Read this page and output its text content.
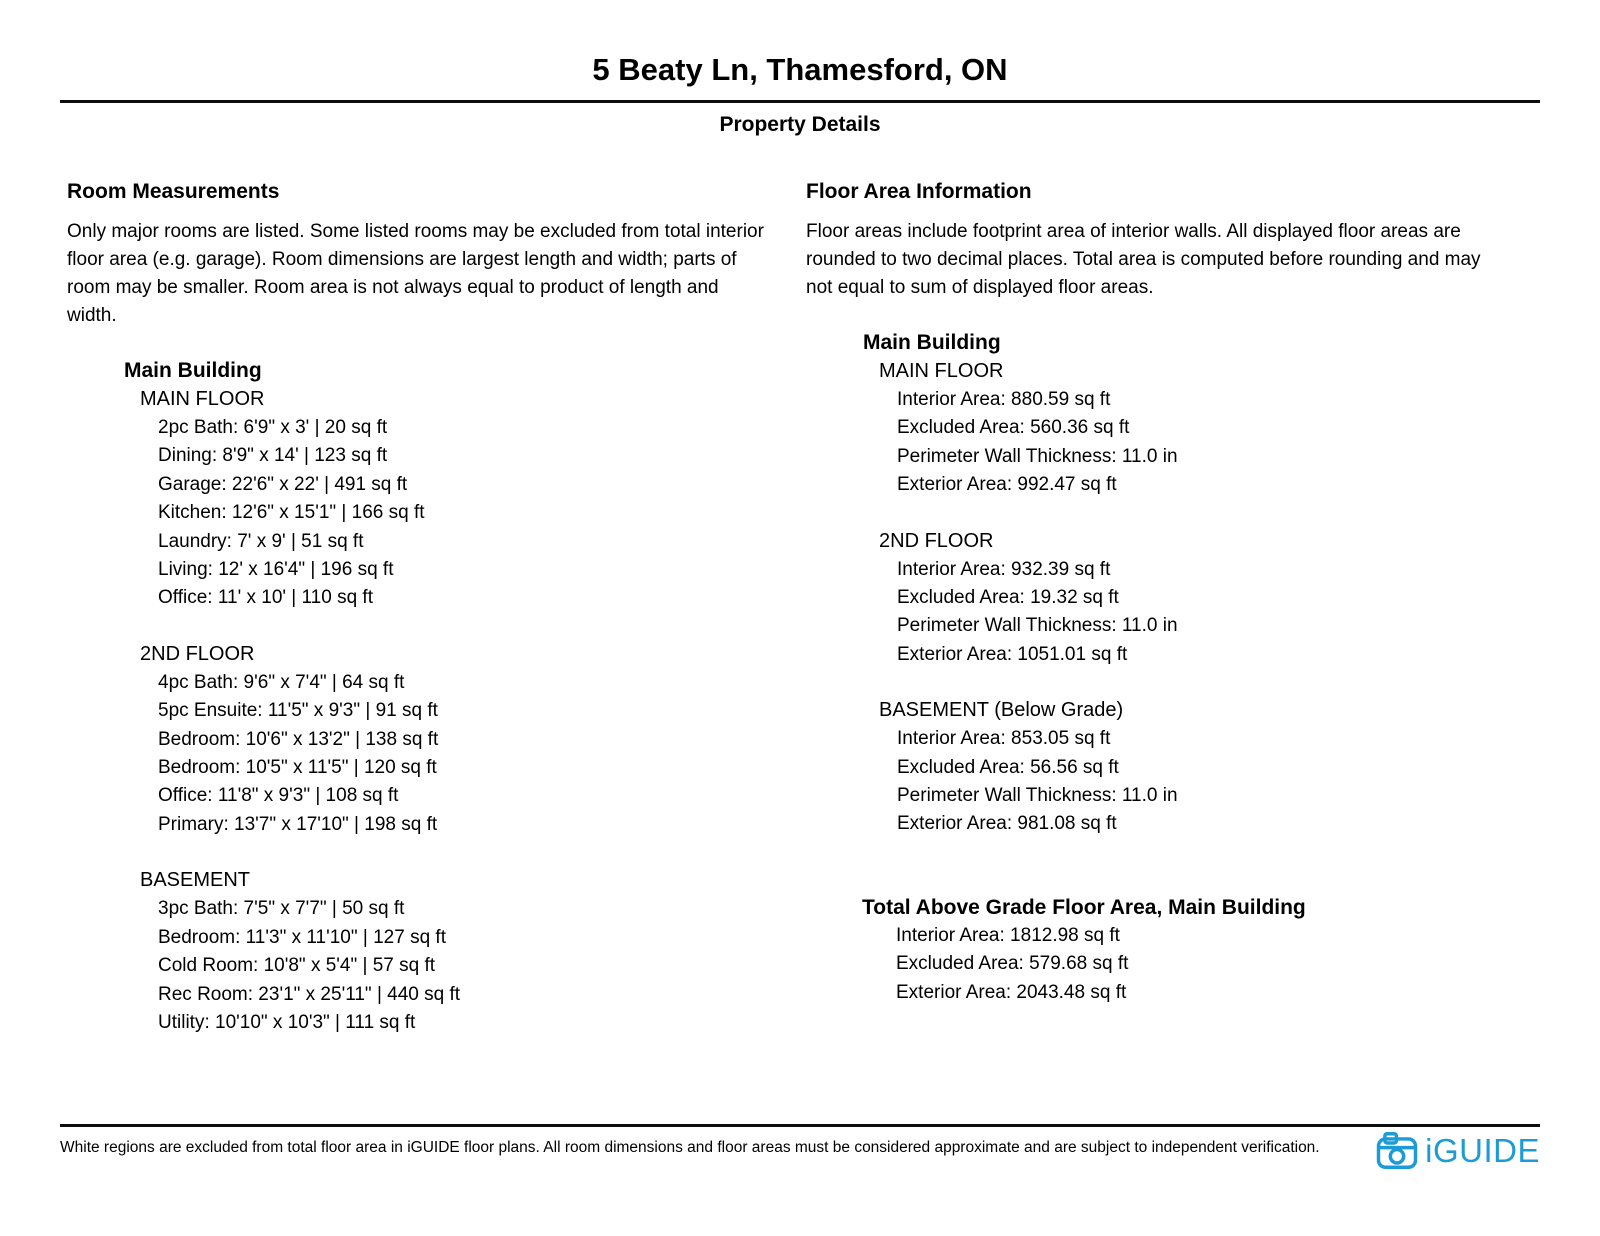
5 Beaty Ln, Thamesford, ON
Property Details
Room Measurements

Only major rooms are listed. Some listed rooms may be excluded from total interior floor area (e.g. garage). Room dimensions are largest length and width; parts of room may be smaller. Room area is not always equal to product of length and width.

Main Building
MAIN FLOOR
2pc Bath: 6'9" x 3' | 20 sq ft
Dining: 8'9" x 14' | 123 sq ft
Garage: 22'6" x 22' | 491 sq ft
Kitchen: 12'6" x 15'1" | 166 sq ft
Laundry: 7' x 9' | 51 sq ft
Living: 12' x 16'4" | 196 sq ft
Office: 11' x 10' | 110 sq ft
2ND FLOOR
4pc Bath: 9'6" x 7'4" | 64 sq ft
5pc Ensuite: 11'5" x 9'3" | 91 sq ft
Bedroom: 10'6" x 13'2" | 138 sq ft
Bedroom: 10'5" x 11'5" | 120 sq ft
Office: 11'8" x 9'3" | 108 sq ft
Primary: 13'7" x 17'10" | 198 sq ft
BASEMENT
3pc Bath: 7'5" x 7'7" | 50 sq ft
Bedroom: 11'3" x 11'10" | 127 sq ft
Cold Room: 10'8" x 5'4" | 57 sq ft
Rec Room: 23'1" x 25'11" | 440 sq ft
Utility: 10'10" x 10'3" | 111 sq ft
Floor Area Information

Floor areas include footprint area of interior walls. All displayed floor areas are rounded to two decimal places. Total area is computed before rounding and may not equal to sum of displayed floor areas.

Main Building
MAIN FLOOR
Interior Area: 880.59 sq ft
Excluded Area: 560.36 sq ft
Perimeter Wall Thickness: 11.0 in
Exterior Area: 992.47 sq ft
2ND FLOOR
Interior Area: 932.39 sq ft
Excluded Area: 19.32 sq ft
Perimeter Wall Thickness: 11.0 in
Exterior Area: 1051.01 sq ft
BASEMENT (Below Grade)
Interior Area: 853.05 sq ft
Excluded Area: 56.56 sq ft
Perimeter Wall Thickness: 11.0 in
Exterior Area: 981.08 sq ft
Total Above Grade Floor Area, Main Building
Interior Area: 1812.98 sq ft
Excluded Area: 579.68 sq ft
Exterior Area: 2043.48 sq ft

White regions are excluded from total floor area in iGUIDE floor plans. All room dimensions and floor areas must be considered approximate and are subject to independent verification.	iGUIDE
